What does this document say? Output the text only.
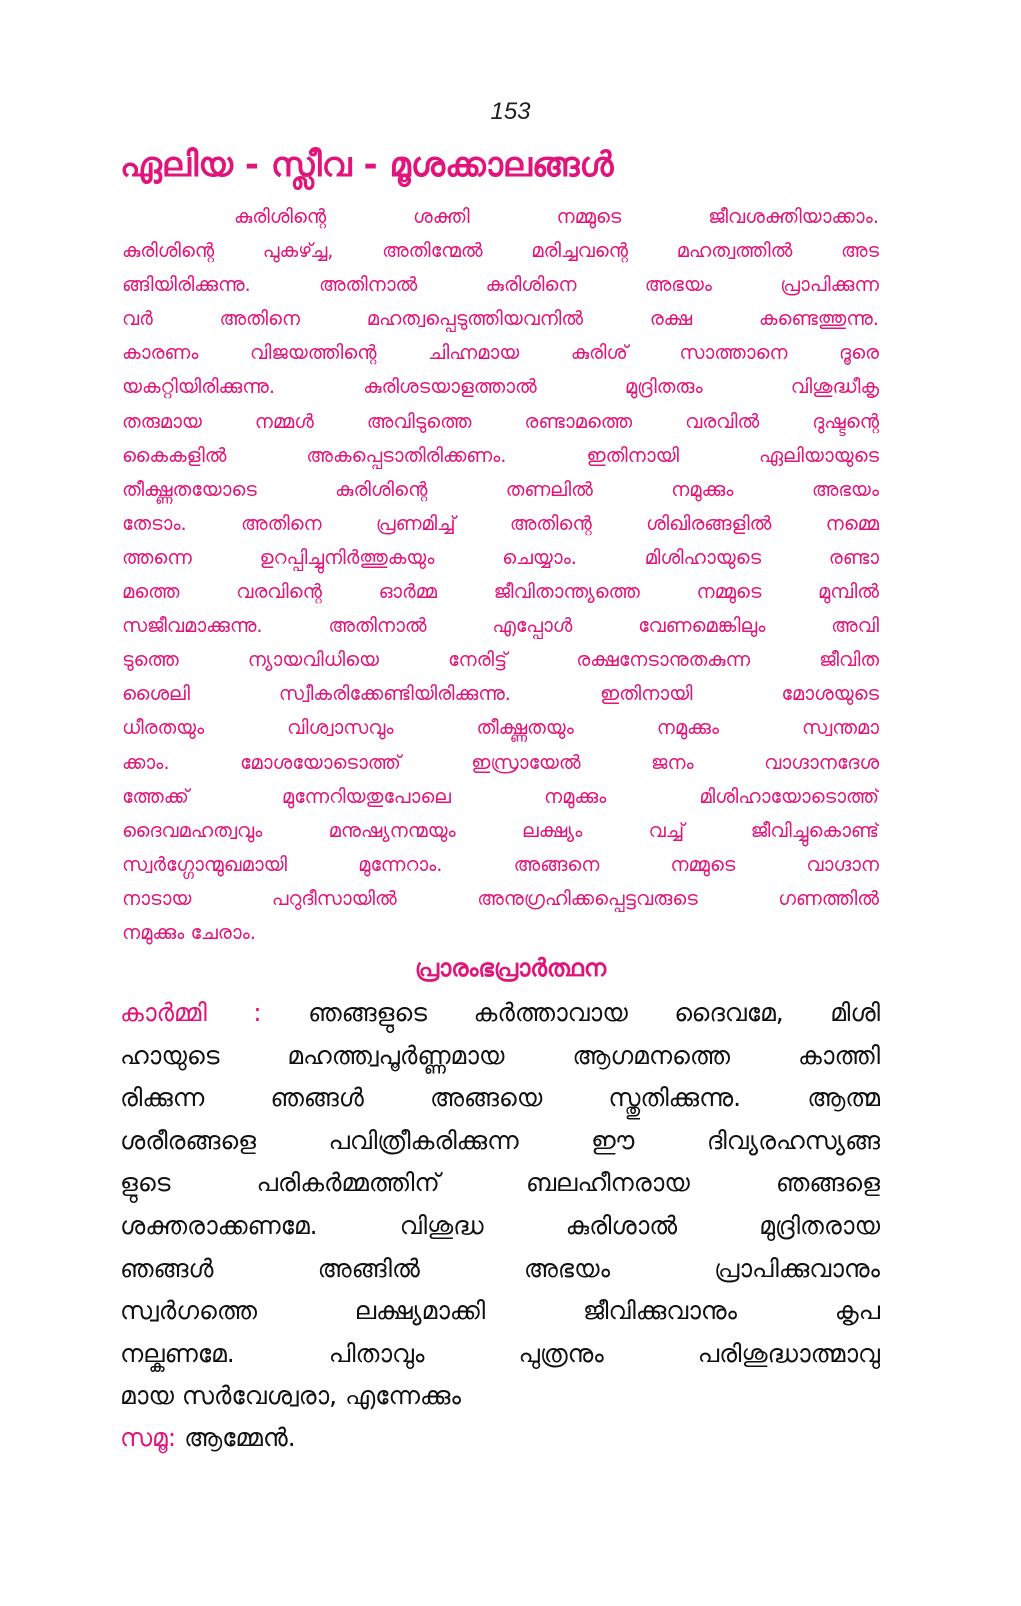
153
ഏലിയ - സ്ലീവ - മൂശക്കാലങ്ങൾ
കുരിശിന്റെ ശക്തി നമ്മുടെ ജീവശക്തിയാക്കാം.
കുരിശിന്റെ പുകഴ്ച്ച, അതിന്മേൽ മരിച്ചവന്റെ മഹത്വത്തിൽ അട
ങ്ങിയിരിക്കുന്നു. അതിനാൽ കുരിശിനെ അഭയം പ്രാപിക്കുന്ന
വർ അതിനെ മഹത്വപ്പെടുത്തിയവനിൽ രക്ഷ കണ്ടെത്തുന്നു.
കാരണം വിജയത്തിന്റെ ചിഹ്നമായ കുരിശ് സാത്താനെ ദൂരെ
യകറ്റിയിരിക്കുന്നു. കുരിശടയാളത്താൽ മുദ്രിതരും വിശുദ്ധീകൃ
തരുമായ നമ്മൾ അവിടുത്തെ രണ്ടാമത്തെ വരവിൽ ദുഷ്ടന്റെ
കൈകളിൽ അകപ്പെടാതിരിക്കണം. ഇതിനായി ഏലിയായുടെ
തീക്ഷ്ണതയോടെ കുരിശിന്റെ തണലിൽ നമുക്കും അഭയം
തേടാം. അതിനെ പ്രണമിച്ച് അതിന്റെ ശിഖിരങ്ങളിൽ നമ്മെ
ത്തന്നെ ഉറപ്പിച്ചുനിർത്തുകയും ചെയ്യാം. മിശിഹായുടെ രണ്ടാ
മത്തെ വരവിന്റെ ഓർമ്മ ജീവിതാന്ത്യത്തെ നമ്മുടെ മുമ്പിൽ
സജീവമാക്കുന്നു. അതിനാൽ എപ്പോൾ വേണമെങ്കിലും അവി
ടുത്തെ ന്യായവിധിയെ നേരിട്ട് രക്ഷനേടാനുതകുന്ന ജീവിത
ശൈലി സ്വീകരിക്കേണ്ടിയിരിക്കുന്നു. ഇതിനായി മോശയുടെ
ധീരതയും വിശ്വാസവും തീക്ഷ്ണതയും നമുക്കും സ്വന്തമാ
ക്കാം. മോശയോടൊത്ത് ഇസ്രായേൽ ജനം വാഗ്ദാനദേശ
ത്തേക്ക് മുന്നേറിയതുപോലെ നമുക്കും മിശിഹായോടൊത്ത്
ദൈവമഹത്വവും മനുഷ്യനന്മയും ലക്ഷ്യം വച്ച് ജീവിച്ചുകൊണ്ട്
സ്വർഗ്ഗോന്മുഖമായി മുന്നേറാം. അങ്ങനെ നമ്മുടെ വാഗ്ദാന
നാടായ പറുദീസായിൽ അനുഗ്രഹിക്കപ്പെട്ടവരുടെ ഗണത്തിൽ
നമുക്കും ചേരാം.
പ്രാരംഭപ്രാർത്ഥന
കാർമ്മി : ഞങ്ങളുടെ കർത്താവായ ദൈവമേ, മിശി
ഹായുടെ മഹത്ത്വപൂർണ്ണമായ ആഗമനത്തെ കാത്തി
രിക്കുന്ന ഞങ്ങൾ അങ്ങയെ സ്തുതിക്കുന്നു. ആത്മ
ശരീരങ്ങളെ പവിത്രീകരിക്കുന്ന ഈ ദിവ്യരഹസ്യങ്ങ
ളുടെ പരികർമ്മത്തിന് ബലഹീനരായ ഞങ്ങളെ
ശക്തരാക്കണമേ. വിശുദ്ധ കുരിശാൽ മുദ്രിതരായ
ഞങ്ങൾ അങ്ങിൽ അഭയം പ്രാപിക്കുവാനും
സ്വർഗത്തെ ലക്ഷ്യമാക്കി ജീവിക്കുവാനും കൃപ
നല്കണമേ. പിതാവും പുത്രനും പരിശുദ്ധാത്മാവു
മായ സർവേശ്വരാ, എന്നേക്കും
സമൂ: ആമ്മേൻ.
